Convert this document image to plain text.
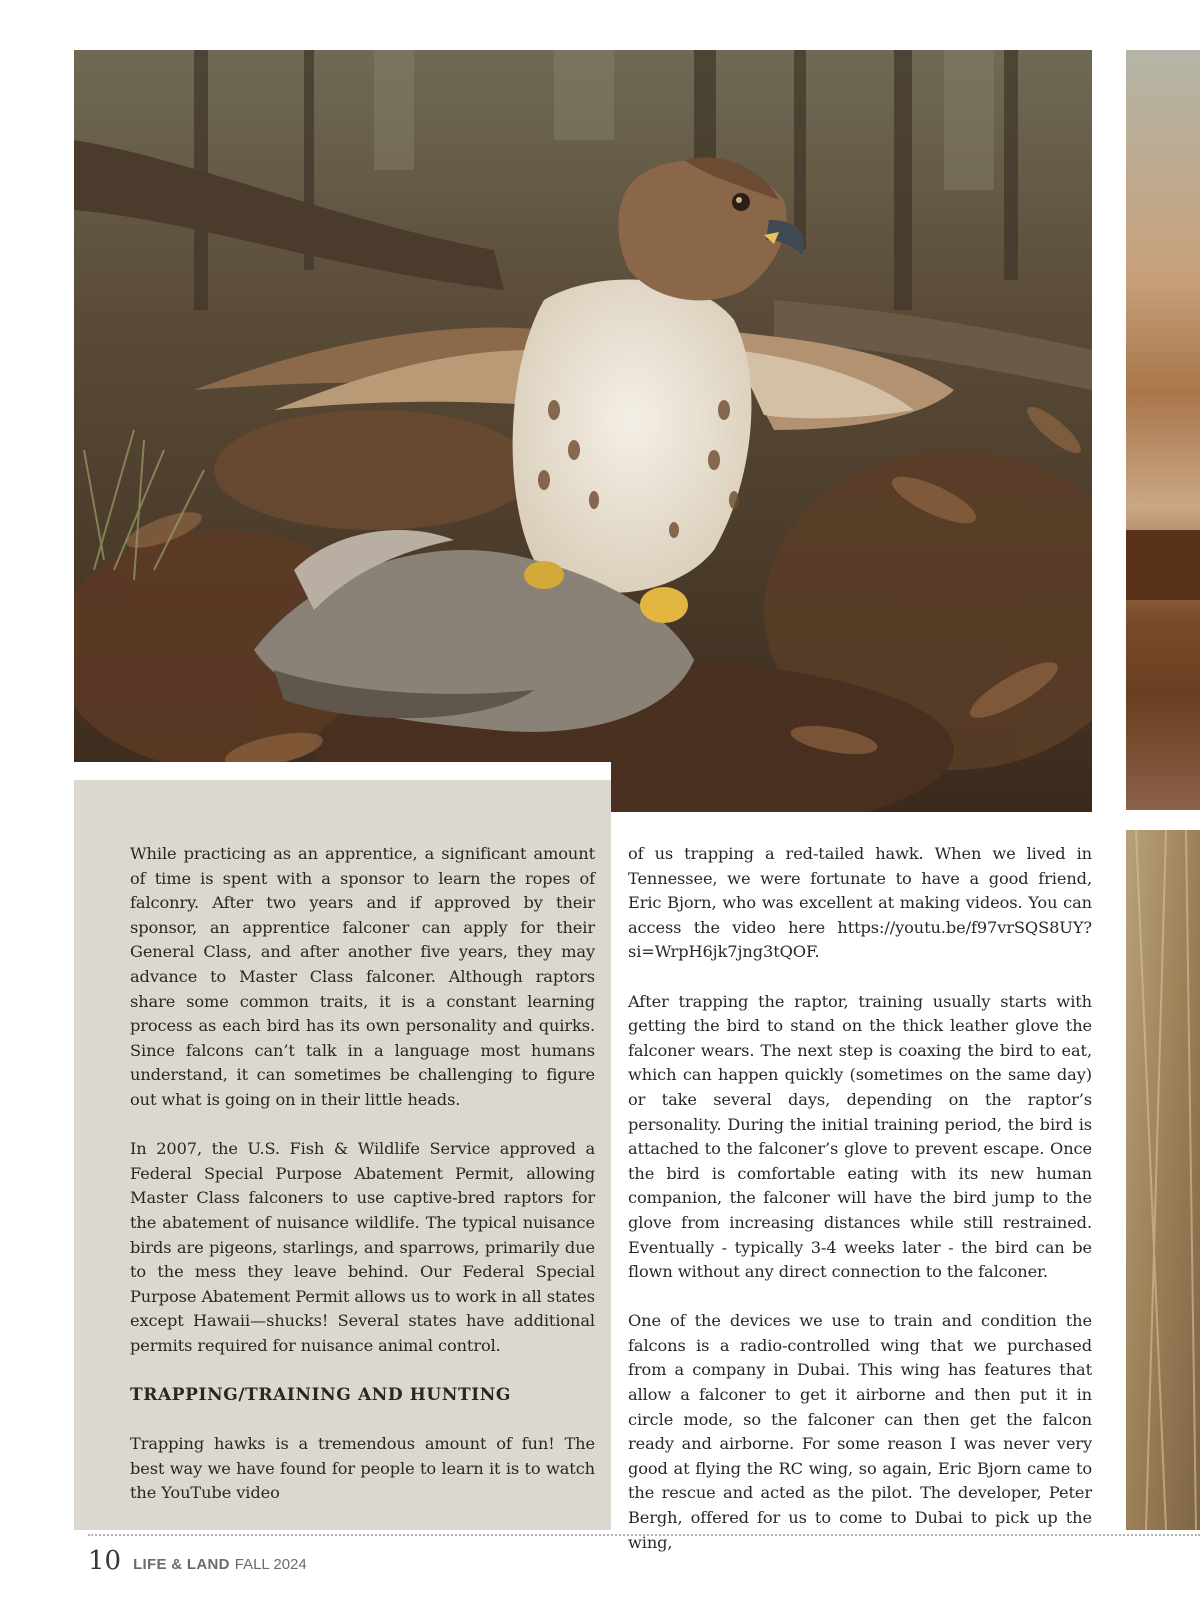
While practicing as an apprentice, a significant amount of time is spent with a sponsor to learn the ropes of falconry. After two years and if approved by their sponsor, an apprentice falconer can apply for their General Class, and after another five years, they may advance to Master Class falconer. Although raptors share some common traits, it is a constant learning process as each bird has its own personality and quirks. Since falcons can’t talk in a language most humans understand, it can sometimes be challenging to figure out what is going on in their little heads.

In 2007, the U.S. Fish & Wildlife Service approved a Federal Special Purpose Abatement Permit, allowing Master Class falconers to use captive-bred raptors for the abatement of nuisance wildlife. The typical nuisance birds are pigeons, starlings, and sparrows, primarily due to the mess they leave behind. Our Federal Special Purpose Abatement Permit allows us to work in all states except Hawaii—shucks! Several states have additional permits required for nuisance animal control.

TRAPPING/TRAINING AND HUNTING

Trapping hawks is a tremendous amount of fun! The best way we have found for people to learn it is to watch the YouTube video

of us trapping a red-tailed hawk. When we lived in Tennessee, we were fortunate to have a good friend, Eric Bjorn, who was excellent at making videos. You can access the video here https://youtu.be/f97vrSQS8UY?si=WrpH6jk7jng3tQOF.

After trapping the raptor, training usually starts with getting the bird to stand on the thick leather glove the falconer wears. The next step is coaxing the bird to eat, which can happen quickly (sometimes on the same day) or take several days, depending on the raptor’s personality. During the initial training period, the bird is attached to the falconer’s glove to prevent escape. Once the bird is comfortable eating with its new human companion, the falconer will have the bird jump to the glove from increasing distances while still restrained. Eventually - typically 3-4 weeks later - the bird can be flown without any direct connection to the falconer.

One of the devices we use to train and condition the falcons is a radio-controlled wing that we purchased from a company in Dubai. This wing has features that allow a falconer to get it airborne and then put it in circle mode, so the falconer can then get the falcon ready and airborne. For some reason I was never very good at flying the RC wing, so again, Eric Bjorn came to the rescue and acted as the pilot. The developer, Peter Bergh, offered for us to come to Dubai to pick up the wing,

10 LIFE & LAND FALL 2024
